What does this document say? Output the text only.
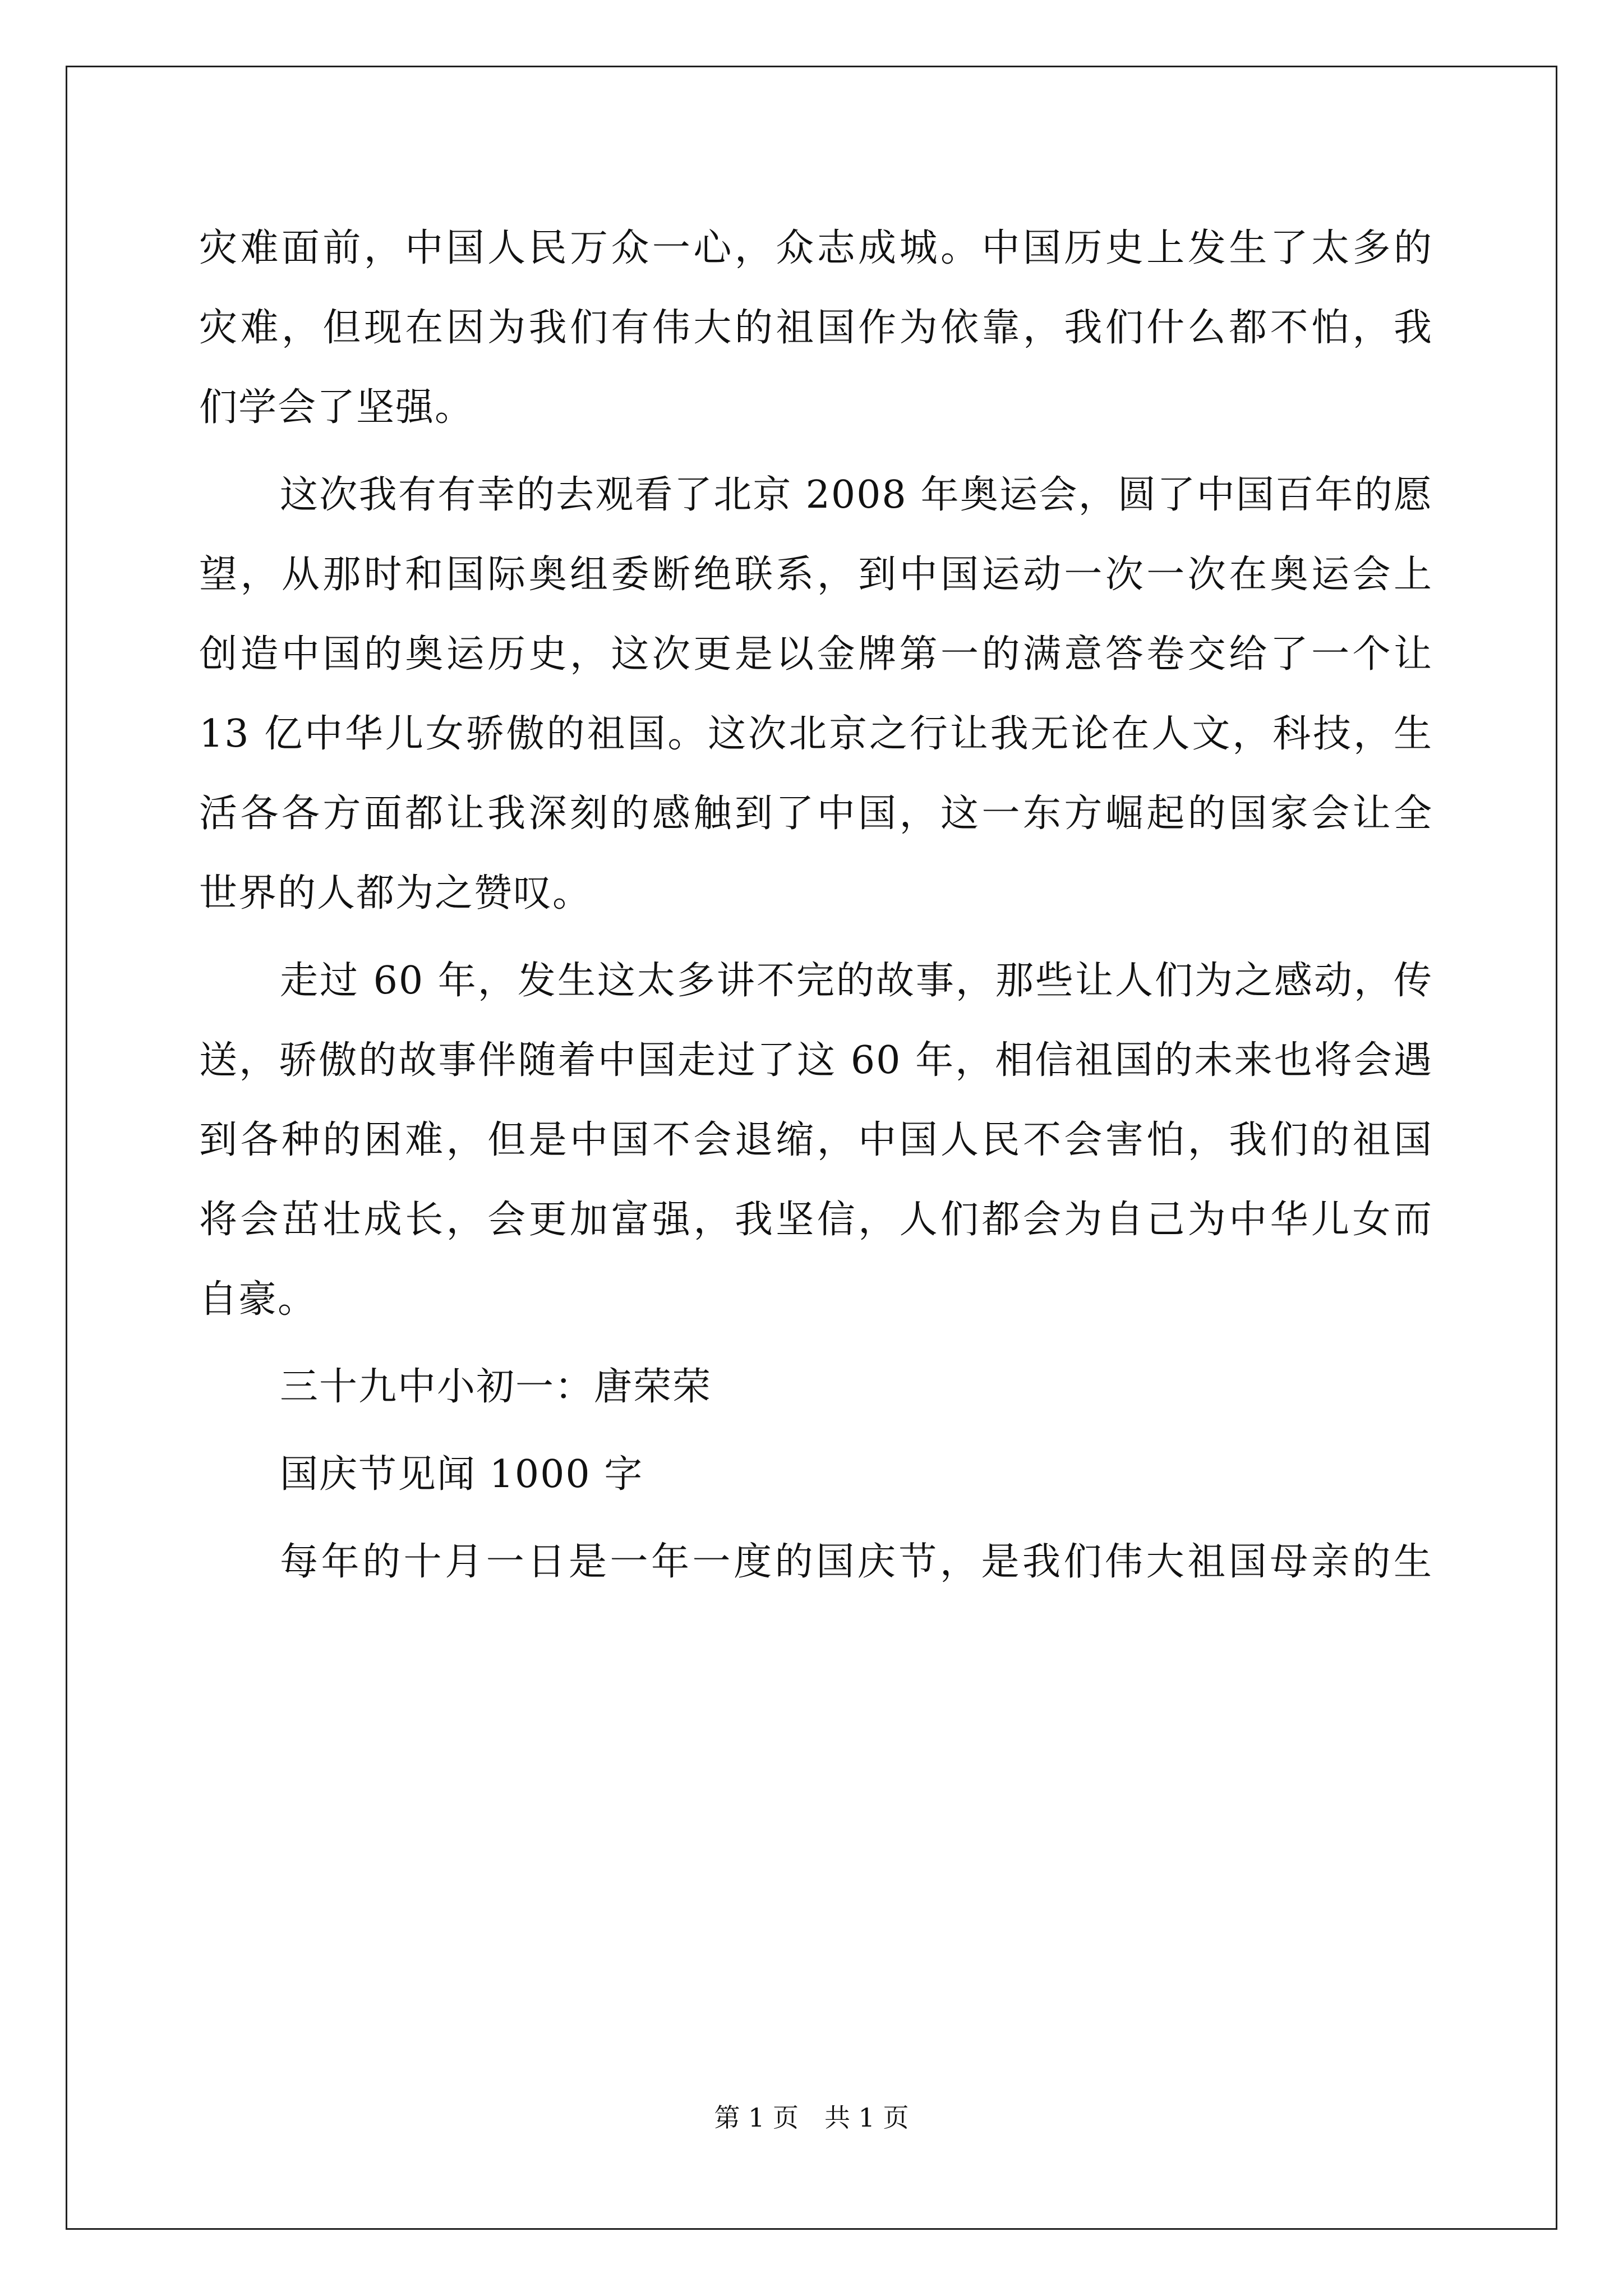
灾难面前，中国人民万众一心，众志成城。中国历史上发生了太多的
灾难，但现在因为我们有伟大的祖国作为依靠，我们什么都不怕，我
们学会了坚强。
这次我有有幸的去观看了北京 2008 年奥运会，圆了中国百年的愿
望，从那时和国际奥组委断绝联系，到中国运动一次一次在奥运会上
创造中国的奥运历史，这次更是以金牌第一的满意答卷交给了一个让
13 亿中华儿女骄傲的祖国。这次北京之行让我无论在人文，科技，生
活各各方面都让我深刻的感触到了中国，这一东方崛起的国家会让全
世界的人都为之赞叹。
走过 60 年，发生这太多讲不完的故事，那些让人们为之感动，传
送，骄傲的故事伴随着中国走过了这 60 年，相信祖国的未来也将会遇
到各种的困难，但是中国不会退缩，中国人民不会害怕，我们的祖国
将会茁壮成长，会更加富强，我坚信，人们都会为自己为中华儿女而
自豪。
三十九中小初一：唐荣荣
国庆节见闻 1000 字
每年的十月一日是一年一度的国庆节，是我们伟大祖国母亲的生
第 1 页　共 1 页
